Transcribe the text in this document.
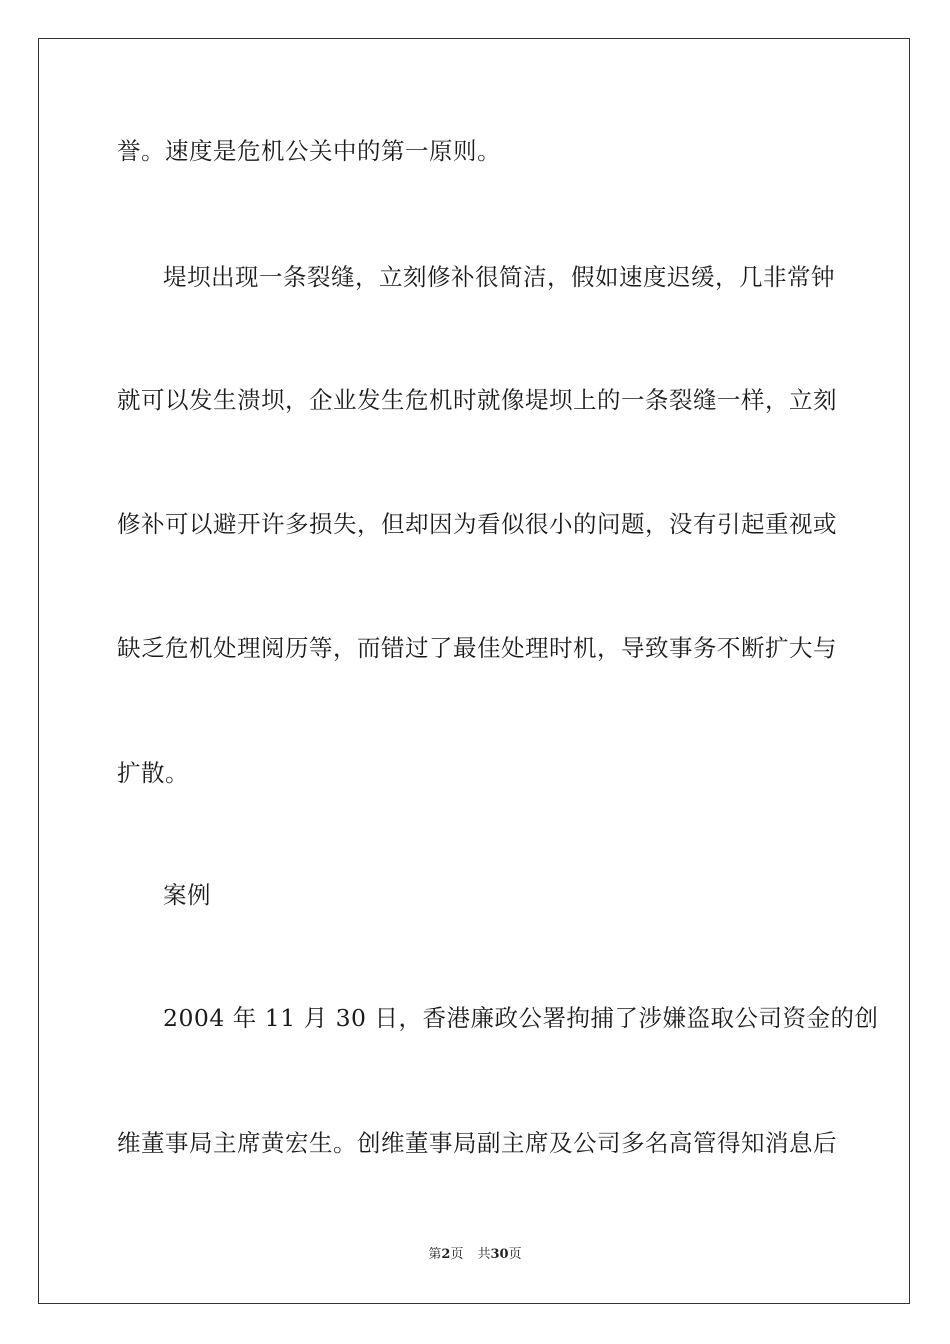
誉。速度是危机公关中的第一原则。
堤坝出现一条裂缝，立刻修补很简洁，假如速度迟缓，几非常钟
就可以发生溃坝，企业发生危机时就像堤坝上的一条裂缝一样，立刻
修补可以避开许多损失，但却因为看似很小的问题，没有引起重视或
缺乏危机处理阅历等，而错过了最佳处理时机，导致事务不断扩大与
扩散。
案例
2004 年 11 月 30 日，香港廉政公署拘捕了涉嫌盗取公司资金的创
维董事局主席黄宏生。创维董事局副主席及公司多名高管得知消息后
第2页 共30页
